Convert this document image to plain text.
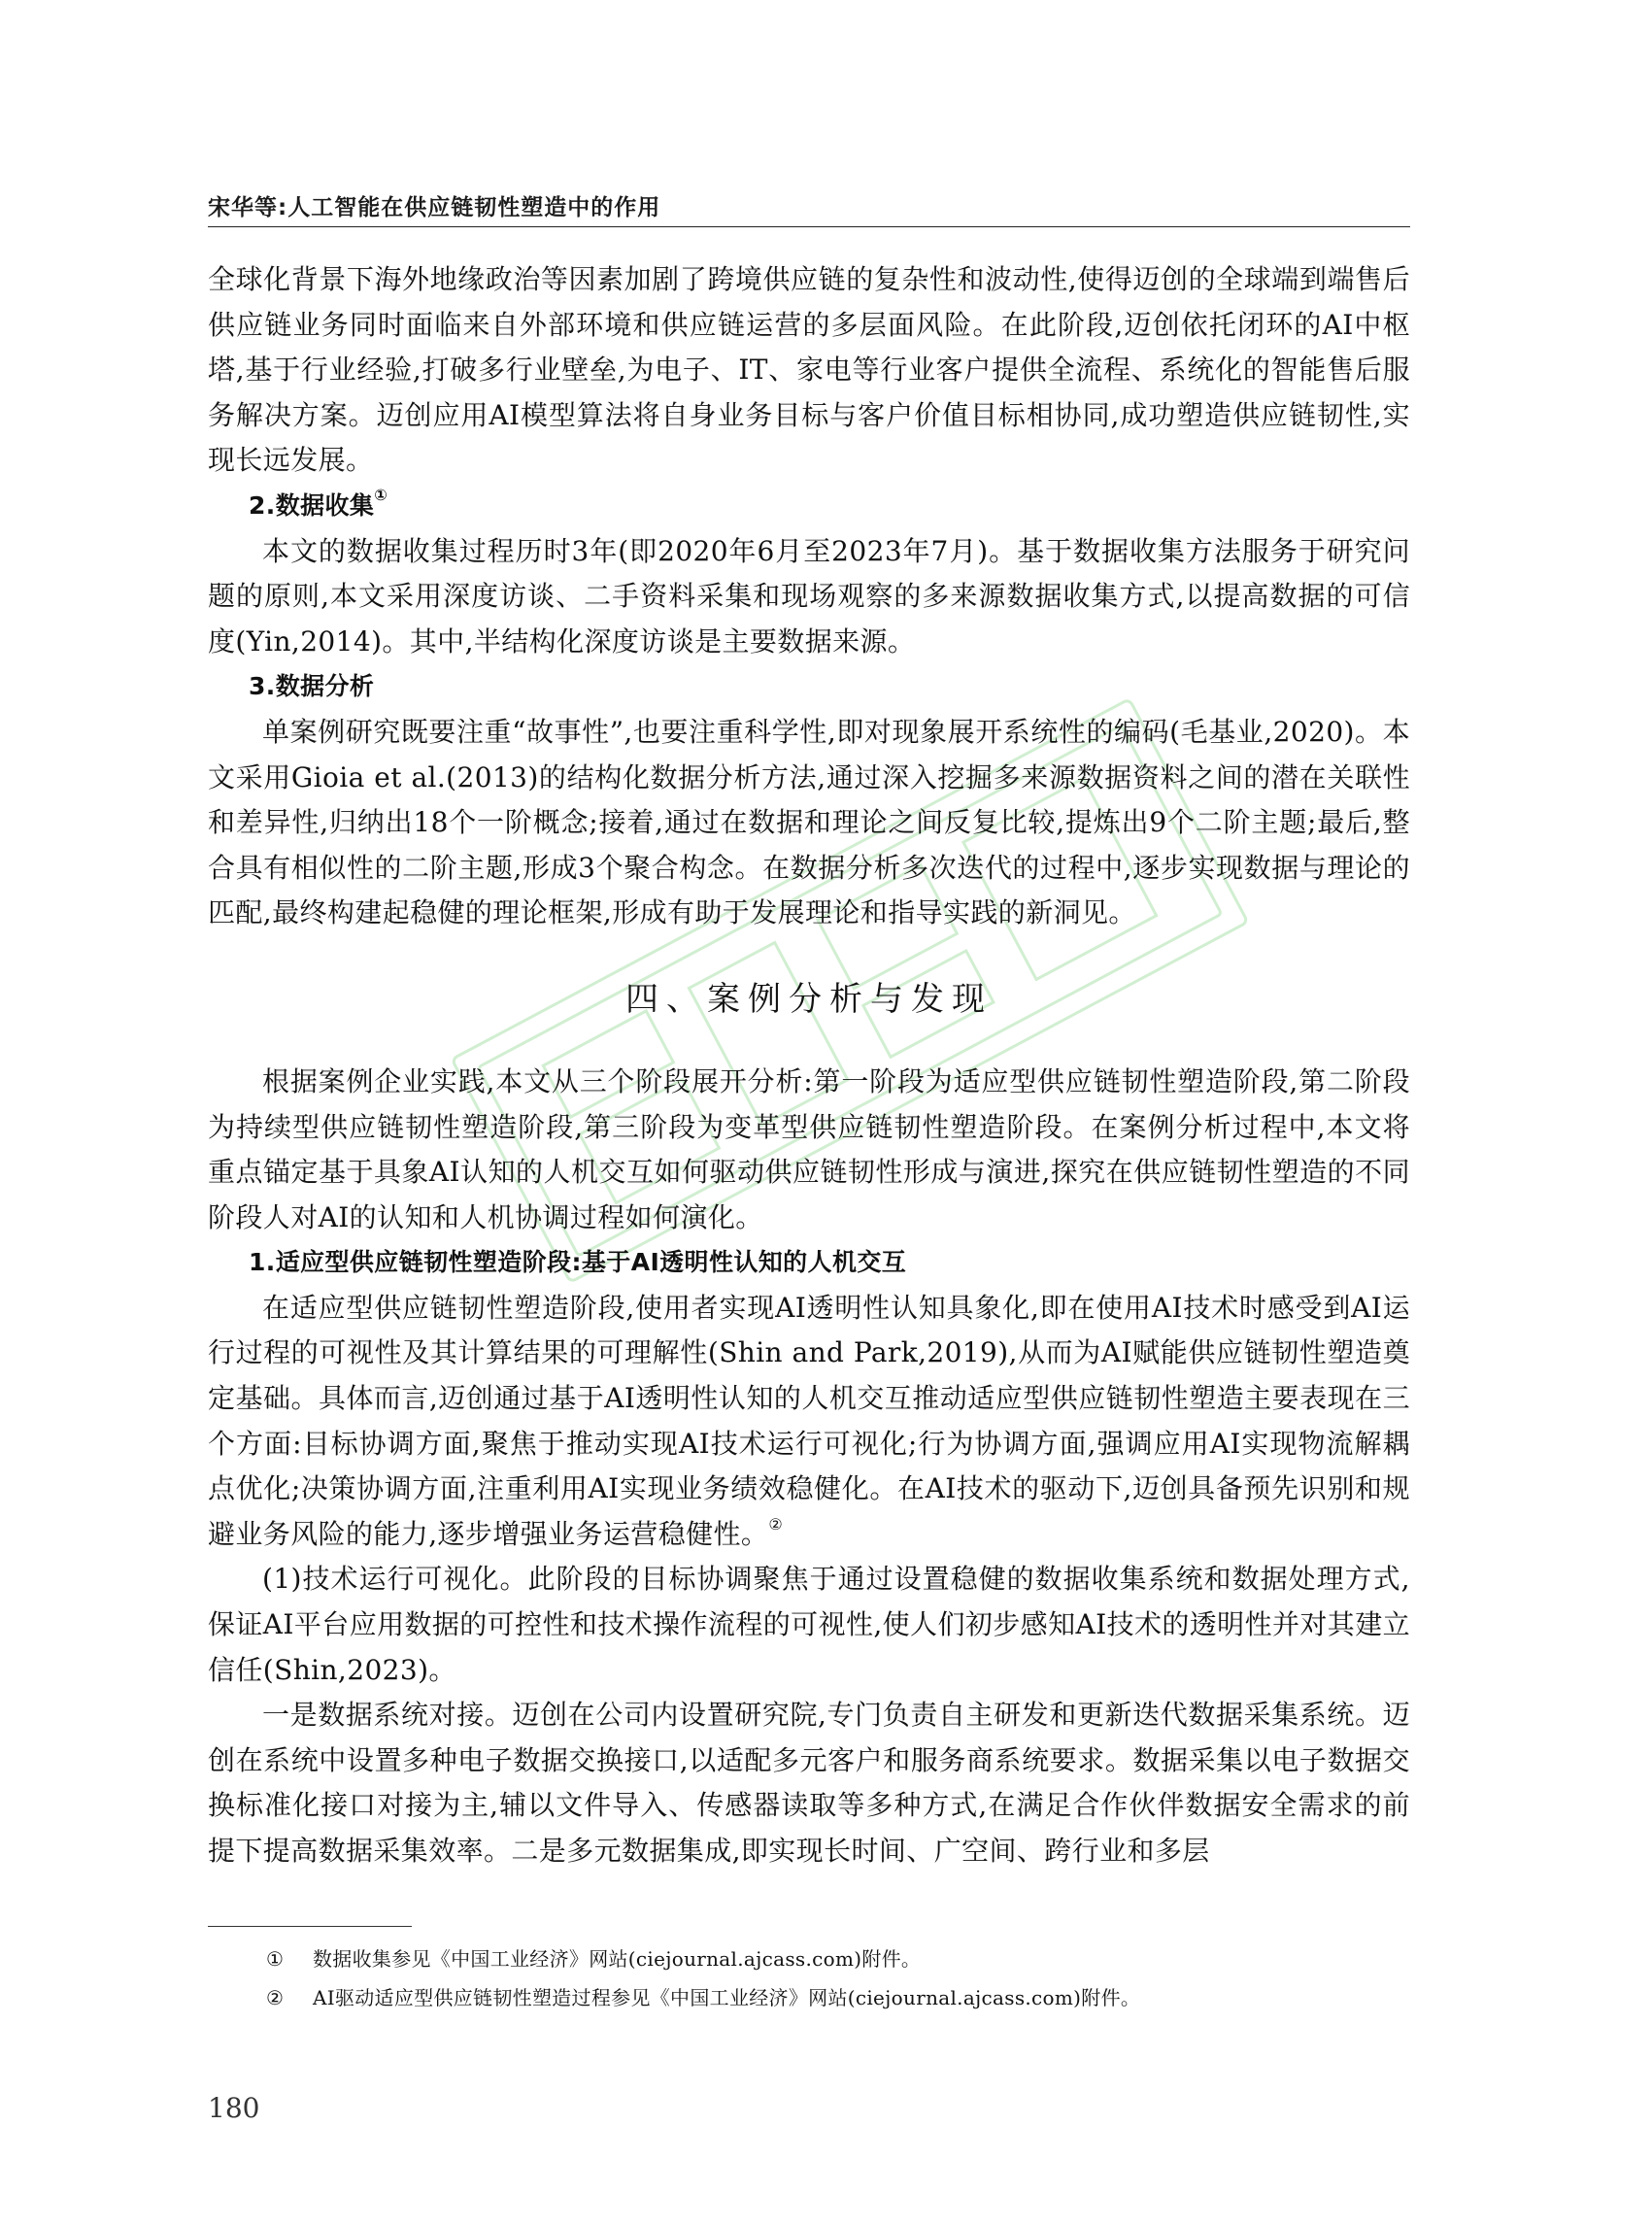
宋华等:人工智能在供应链韧性塑造中的作用

全球化背景下海外地缘政治等因素加剧了跨境供应链的复杂性和波动性,使得迈创的全球端到端售后供应链业务同时面临来自外部环境和供应链运营的多层面风险。在此阶段,迈创依托闭环的AI中枢塔,基于行业经验,打破多行业壁垒,为电子、IT、家电等行业客户提供全流程、系统化的智能售后服务解决方案。迈创应用AI模型算法将自身业务目标与客户价值目标相协同,成功塑造供应链韧性,实现长远发展。

2.数据收集①

本文的数据收集过程历时3年(即2020年6月至2023年7月)。基于数据收集方法服务于研究问题的原则,本文采用深度访谈、二手资料采集和现场观察的多来源数据收集方式,以提高数据的可信度(Yin,2014)。其中,半结构化深度访谈是主要数据来源。

3.数据分析

单案例研究既要注重“故事性”,也要注重科学性,即对现象展开系统性的编码(毛基业,2020)。本文采用Gioia et al.(2013)的结构化数据分析方法,通过深入挖掘多来源数据资料之间的潜在关联性和差异性,归纳出18个一阶概念;接着,通过在数据和理论之间反复比较,提炼出9个二阶主题;最后,整合具有相似性的二阶主题,形成3个聚合构念。在数据分析多次迭代的过程中,逐步实现数据与理论的匹配,最终构建起稳健的理论框架,形成有助于发展理论和指导实践的新洞见。

四、案例分析与发现

根据案例企业实践,本文从三个阶段展开分析:第一阶段为适应型供应链韧性塑造阶段,第二阶段为持续型供应链韧性塑造阶段,第三阶段为变革型供应链韧性塑造阶段。在案例分析过程中,本文将重点锚定基于具象AI认知的人机交互如何驱动供应链韧性形成与演进,探究在供应链韧性塑造的不同阶段人对AI的认知和人机协调过程如何演化。

1.适应型供应链韧性塑造阶段:基于AI透明性认知的人机交互

在适应型供应链韧性塑造阶段,使用者实现AI透明性认知具象化,即在使用AI技术时感受到AI运行过程的可视性及其计算结果的可理解性(Shin and Park,2019),从而为AI赋能供应链韧性塑造奠定基础。具体而言,迈创通过基于AI透明性认知的人机交互推动适应型供应链韧性塑造主要表现在三个方面:目标协调方面,聚焦于推动实现AI技术运行可视化;行为协调方面,强调应用AI实现物流解耦点优化;决策协调方面,注重利用AI实现业务绩效稳健化。在AI技术的驱动下,迈创具备预先识别和规避业务风险的能力,逐步增强业务运营稳健性。②

(1)技术运行可视化。此阶段的目标协调聚焦于通过设置稳健的数据收集系统和数据处理方式,保证AI平台应用数据的可控性和技术操作流程的可视性,使人们初步感知AI技术的透明性并对其建立信任(Shin,2023)。

一是数据系统对接。迈创在公司内设置研究院,专门负责自主研发和更新迭代数据采集系统。迈创在系统中设置多种电子数据交换接口,以适配多元客户和服务商系统要求。数据采集以电子数据交换标准化接口对接为主,辅以文件导入、传感器读取等多种方式,在满足合作伙伴数据安全需求的前提下提高数据采集效率。二是多元数据集成,即实现长时间、广空间、跨行业和多层

① 数据收集参见《中国工业经济》网站(ciejournal.ajcass.com)附件。
② AI驱动适应型供应链韧性塑造过程参见《中国工业经济》网站(ciejournal.ajcass.com)附件。
180
